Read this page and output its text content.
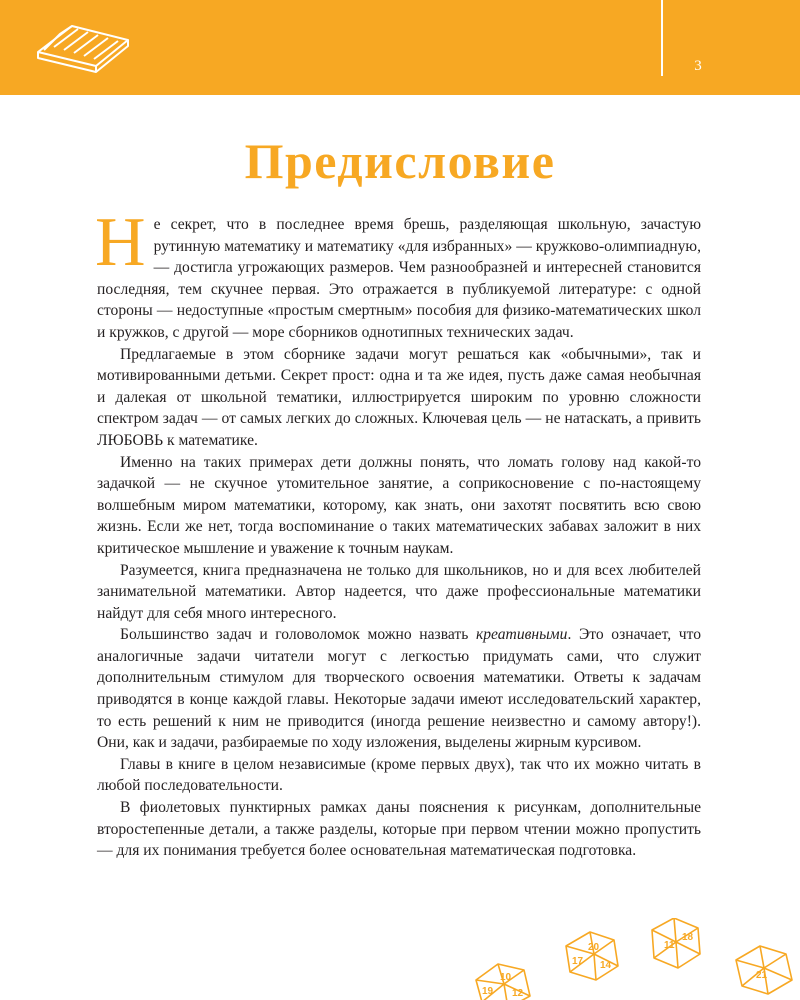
3
Предисловие

Не секрет, что в последнее время брешь, разделяющая школьную, зачастую рутинную математику и математику «для избранных» — кружково-олимпиадную, — достигла угрожающих размеров. Чем разнообразней и интересней становится последняя, тем скучнее первая. Это отражается в публикуемой литературе: с одной стороны — недоступные «простым смертным» пособия для физико-математических школ и кружков, с другой — море сборников однотипных технических задач.

Предлагаемые в этом сборнике задачи могут решаться как «обычными», так и мотивированными детьми. Секрет прост: одна и та же идея, пусть даже самая необычная и далекая от школьной тематики, иллюстрируется широким по уровню сложности спектром задач — от самых легких до сложных. Ключевая цель — не натаскать, а привить ЛЮБОВЬ к математике.

Именно на таких примерах дети должны понять, что ломать голову над какой-то задачкой — не скучное утомительное занятие, а соприкосновение с по-настоящему волшебным миром математики, которому, как знать, они захотят посвятить всю свою жизнь. Если же нет, тогда воспоминание о таких математических забавах заложит в них критическое мышление и уважение к точным наукам.

Разумеется, книга предназначена не только для школьников, но и для всех любителей занимательной математики. Автор надеется, что даже профессиональные математики найдут для себя много интересного.

Большинство задач и головоломок можно назвать креативными. Это означает, что аналогичные задачи читатели могут с легкостью придумать сами, что служит дополнительным стимулом для творческого освоения математики. Ответы к задачам приводятся в конце каждой главы. Некоторые задачи имеют исследовательский характер, то есть решений к ним не приводится (иногда решение неизвестно и самому автору!). Они, как и задачи, разбираемые по ходу изложения, выделены жирным курсивом.

Главы в книге в целом независимые (кроме первых двух), так что их можно читать в любой последовательности.

В фиолетовых пунктирных рамках даны пояснения к рисункам, дополнительные второстепенные детали, а также разделы, которые при первом чтении можно пропустить — для их понимания требуется более основательная математическая подготовка.

19
10
12
17
20
14
11
18
21
